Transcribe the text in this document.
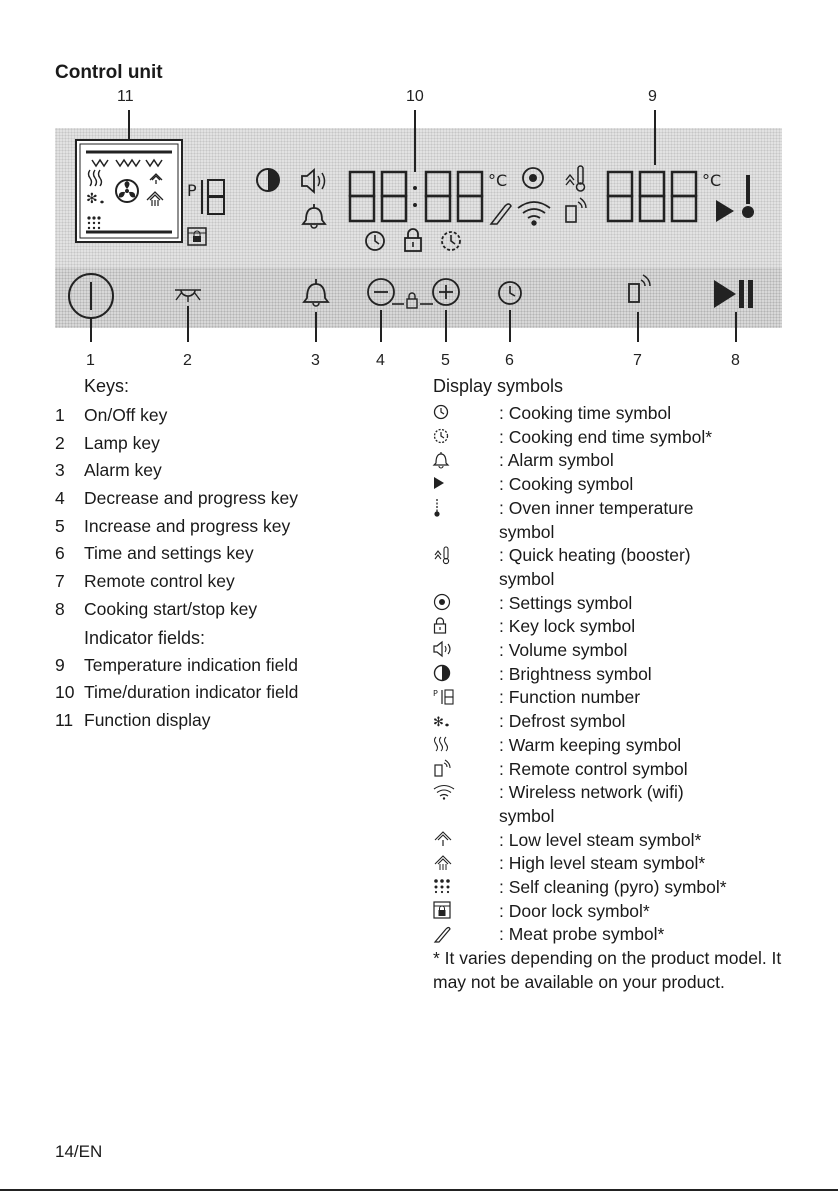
Control unit
11	10	9
✻	P
°C	°C
1	2	3	4	5	6	7	8
Keys:
1 On/Off key
2 Lamp key
3 Alarm key
4 Decrease and progress key
5 Increase and progress key
6 Time and settings key
7 Remote control key
8 Cooking start/stop key
Indicator fields:
9 Temperature indication field
10 Time/duration indicator field
11 Function display
Display symbols
: Cooking time symbol
: Cooking end time symbol*
: Alarm symbol
: Cooking symbol
: Oven inner temperature
symbol
: Quick heating (booster)
symbol
: Settings symbol
: Key lock symbol
: Volume symbol
: Brightness symbol
P	: Function number
✻	: Defrost symbol
: Warm keeping symbol
: Remote control symbol
: Wireless network (wifi)
symbol
: Low level steam symbol*
: High level steam symbol*
: Self cleaning (pyro) symbol*
: Door lock symbol*
: Meat probe symbol*
* It varies depending on the product model. It may not be available on your product.
14/EN
